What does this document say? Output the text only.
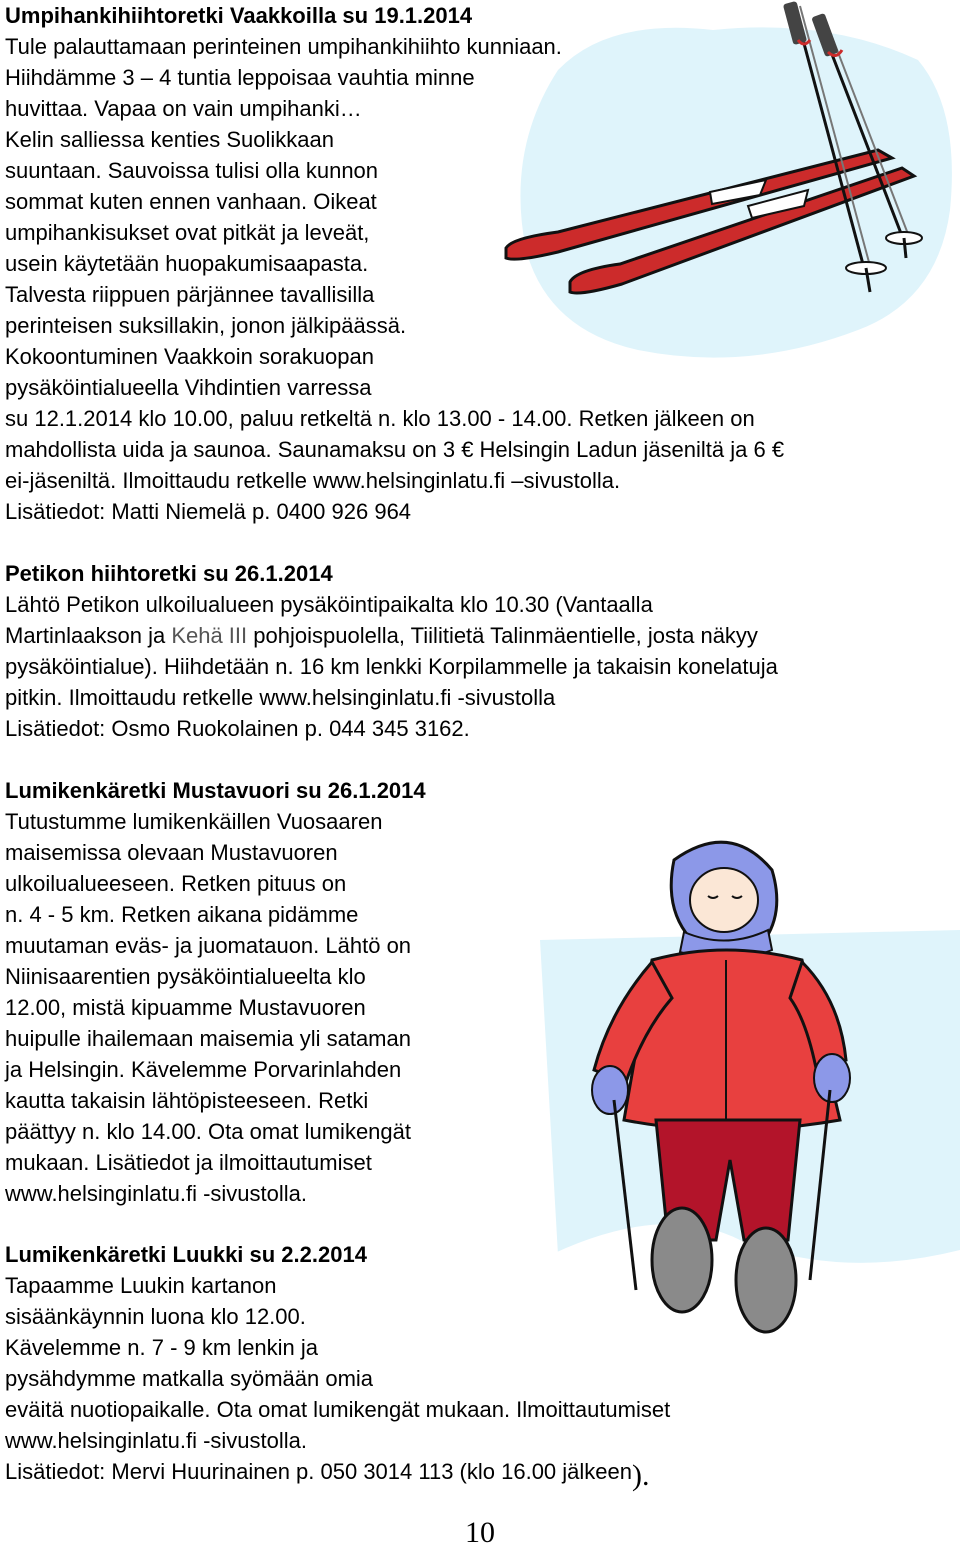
Umpihankihiihtoretki Vaakkoilla su 19.1.2014
Tule palauttamaan perinteinen umpihankihiihto kunniaan.
Hiihdämme 3 – 4 tuntia leppoisaa vauhtia minne
huvittaa. Vapaa on vain umpihanki…
Kelin salliessa kenties Suolikkaan
suuntaan. Sauvoissa tulisi olla kunnon
sommat kuten ennen vanhaan. Oikeat
umpihankisukset ovat pitkät ja leveät,
usein käytetään huopakumisaapasta.
Talvesta riippuen pärjännee tavallisilla
perinteisen suksillakin, jonon jälkipäässä.
Kokoontuminen Vaakkoin sorakuopan
pysäköintialueella Vihdintien varressa
su 12.1.2014 klo 10.00, paluu retkeltä n. klo 13.00 - 14.00. Retken jälkeen on
mahdollista uida ja saunoa. Saunamaksu on 3 € Helsingin Ladun jäseniltä ja 6 €
ei-jäseniltä. Ilmoittaudu retkelle www.helsinginlatu.fi –sivustolla.
Lisätiedot: Matti Niemelä p. 0400 926 964
Petikon hiihtoretki su 26.1.2014
Lähtö Petikon ulkoilualueen pysäköintipaikalta klo 10.30 (Vantaalla
Martinlaakson ja Kehä III pohjoispuolella, Tiilitietä Talinmäentielle, josta näkyy
pysäköintialue). Hiihdetään n. 16 km lenkki Korpilammelle ja takaisin konelatuja
pitkin. Ilmoittaudu retkelle www.helsinginlatu.fi -sivustolla
Lisätiedot: Osmo Ruokolainen p. 044 345 3162.
Lumikenkäretki Mustavuori su 26.1.2014
Tutustumme lumikenkäillen Vuosaaren
maisemissa olevaan Mustavuoren
ulkoilualueeseen. Retken pituus on
n. 4 - 5 km. Retken aikana pidämme
muutaman eväs- ja juomatauon. Lähtö on
Niinisaarentien pysäköintialueelta klo
12.00, mistä kipuamme Mustavuoren
huipulle ihailemaan maisemia yli sataman
ja Helsingin. Kävelemme Porvarinlahden
kautta takaisin lähtöpisteeseen. Retki
päättyy n. klo 14.00. Ota omat lumikengät
mukaan. Lisätiedot ja ilmoittautumiset
www.helsinginlatu.fi -sivustolla.
Lumikenkäretki Luukki su 2.2.2014
Tapaamme Luukin kartanon
sisäänkäynnin luona klo 12.00.
Kävelemme n. 7 - 9 km lenkin ja
pysähdymme matkalla syömään omia
eväitä nuotiopaikalle. Ota omat lumikengät mukaan. Ilmoittautumiset
www.helsinginlatu.fi -sivustolla.
Lisätiedot: Mervi Huurinainen p. 050 3014 113 (klo 16.00 jälkeen).
10
